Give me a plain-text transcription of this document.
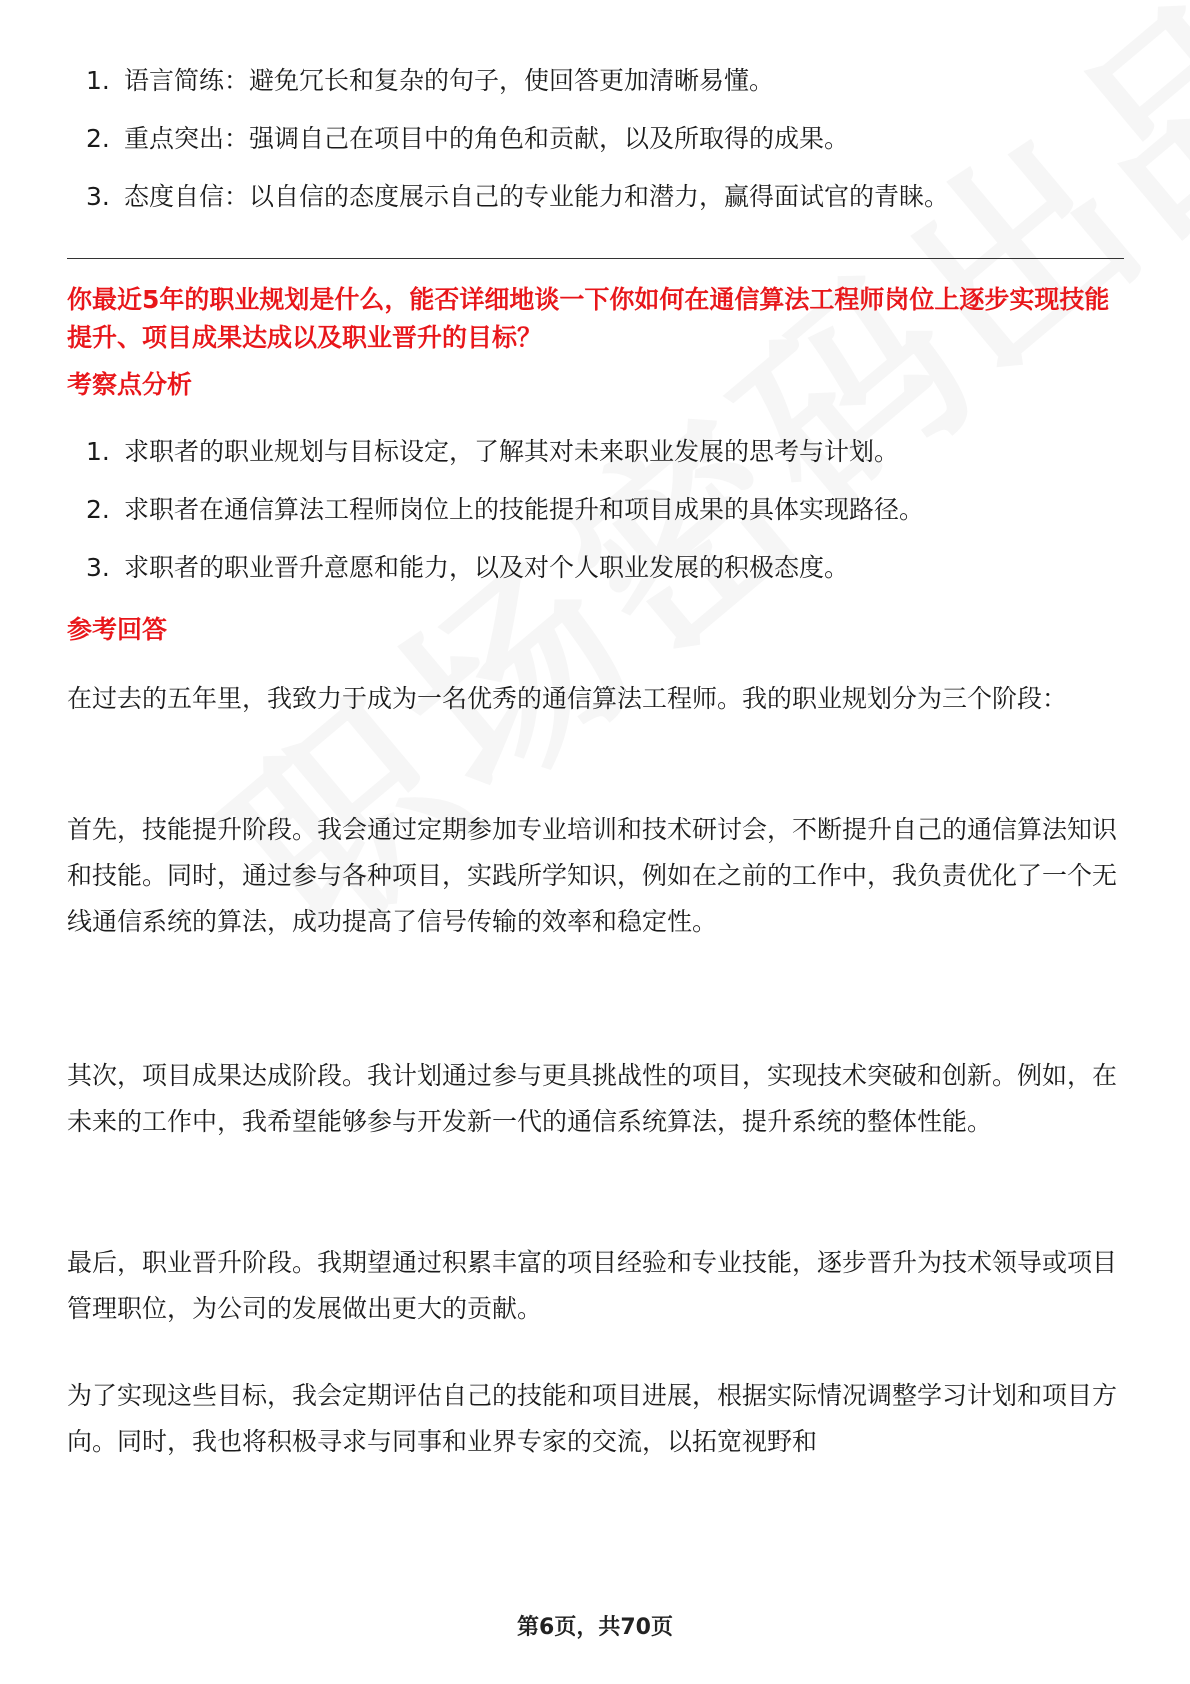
1. 语言简练：避免冗长和复杂的句子，使回答更加清晰易懂。
2. 重点突出：强调自己在项目中的角色和贡献，以及所取得的成果。
3. 态度自信：以自信的态度展示自己的专业能力和潜力，赢得面试官的青睐。
你最近5年的职业规划是什么，能否详细地谈一下你如何在通信算法工程师岗位上逐步实现技能提升、项目成果达成以及职业晋升的目标？
考察点分析
1. 求职者的职业规划与目标设定，了解其对未来职业发展的思考与计划。
2. 求职者在通信算法工程师岗位上的技能提升和项目成果的具体实现路径。
3. 求职者的职业晋升意愿和能力，以及对个人职业发展的积极态度。
参考回答

在过去的五年里，我致力于成为一名优秀的通信算法工程师。我的职业规划分为三个阶段：

首先，技能提升阶段。我会通过定期参加专业培训和技术研讨会，不断提升自己的通信算法知识和技能。同时，通过参与各种项目，实践所学知识，例如在之前的工作中，我负责优化了一个无线通信系统的算法，成功提高了信号传输的效率和稳定性。

其次，项目成果达成阶段。我计划通过参与更具挑战性的项目，实现技术突破和创新。例如，在未来的工作中，我希望能够参与开发新一代的通信系统算法，提升系统的整体性能。

最后，职业晋升阶段。我期望通过积累丰富的项目经验和专业技能，逐步晋升为技术领导或项目管理职位，为公司的发展做出更大的贡献。

为了实现这些目标，我会定期评估自己的技能和项目进展，根据实际情况调整学习计划和项目方向。同时，我也将积极寻求与同事和业界专家的交流，以拓宽视野和

第6页，共70页
